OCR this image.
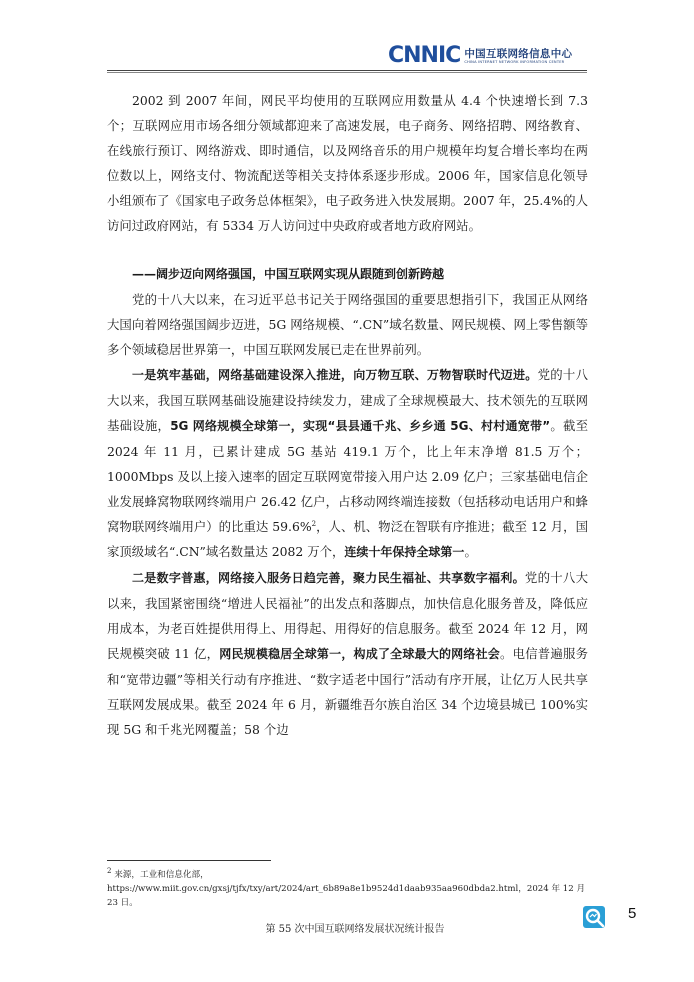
CNNIC 中国互联网络信息中心
CHINA INTERNET NETWORK INFORMATION CENTER

2002 到 2007 年间，网民平均使用的互联网应用数量从 4.4 个快速增长到 7.3 个；互联网应用市场各细分领域都迎来了高速发展，电子商务、网络招聘、网络教育、在线旅行预订、网络游戏、即时通信，以及网络音乐的用户规模年均复合增长率均在两位数以上，网络支付、物流配送等相关支持体系逐步形成。2006 年，国家信息化领导小组颁布了《国家电子政务总体框架》，电子政务进入快发展期。2007 年，25.4%的人访问过政府网站，有 5334 万人访问过中央政府或者地方政府网站。

——阔步迈向网络强国，中国互联网实现从跟随到创新跨越

党的十八大以来，在习近平总书记关于网络强国的重要思想指引下，我国正从网络大国向着网络强国阔步迈进，5G 网络规模、“.CN”域名数量、网民规模、网上零售额等多个领域稳居世界第一，中国互联网发展已走在世界前列。

一是筑牢基础，网络基础建设深入推进，向万物互联、万物智联时代迈进。党的十八大以来，我国互联网基础设施建设持续发力，建成了全球规模最大、技术领先的互联网基础设施，5G 网络规模全球第一，实现“县县通千兆、乡乡通 5G、村村通宽带”。截至 2024 年 11 月，已累计建成 5G 基站 419.1 万个，比上年末净增 81.5 万个；1000Mbps 及以上接入速率的固定互联网宽带接入用户达 2.09 亿户；三家基础电信企业发展蜂窝物联网终端用户 26.42 亿户，占移动网终端连接数（包括移动电话用户和蜂窝物联网终端用户）的比重达 59.6%$^2$，人、机、物泛在智联有序推进；截至 12 月，国家顶级域名“.CN”域名数量达 2082 万个，连续十年保持全球第一。

二是数字普惠，网络接入服务日趋完善，聚力民生福祉、共享数字福利。党的十八大以来，我国紧密围绕“增进人民福祉”的出发点和落脚点，加快信息化服务普及，降低应用成本，为老百姓提供用得上、用得起、用得好的信息服务。截至 2024 年 12 月，网民规模突破 11 亿，网民规模稳居全球第一，构成了全球最大的网络社会。电信普遍服务和“宽带边疆”等相关行动有序推进、“数字适老中国行”活动有序开展，让亿万人民共享互联网发展成果。截至 2024 年 6 月，新疆维吾尔族自治区 34 个边境县城已 100%实现 5G 和千兆光网覆盖；58 个边

$^2$ 来源，工业和信息化部，https://www.miit.gov.cn/gxsj/tjfx/txy/art/2024/art_6b89a8e1b9524d1daab935aa960dbda2.html，2024 年 12 月 23 日。
第 55 次中国互联网络发展状况统计报告
5
